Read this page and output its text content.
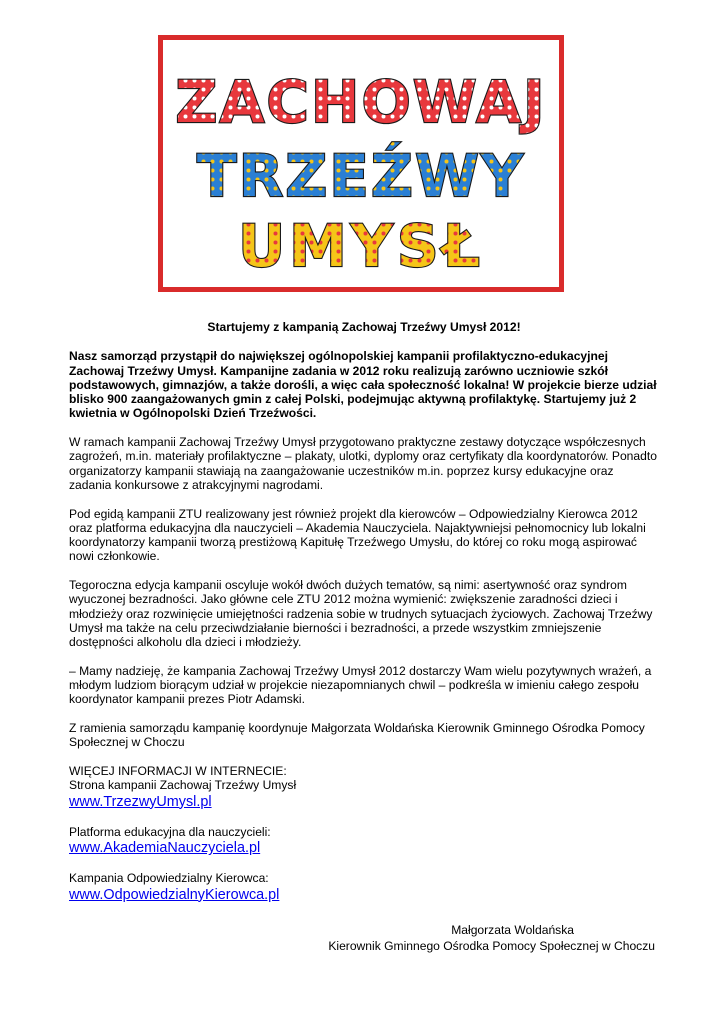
ZACHOWAJ
TRZEŹWY
UMYSŁ

Startujemy z kampanią Zachowaj Trzeźwy Umysł 2012!

Nasz samorząd przystąpił do największej ogólnopolskiej kampanii profilaktyczno-edukacyjnej Zachowaj Trzeźwy Umysł. Kampanijne zadania w 2012 roku realizują zarówno uczniowie szkół podstawowych, gimnazjów, a także dorośli, a więc cała społeczność lokalna! W projekcie bierze udział blisko 900 zaangażowanych gmin z całej Polski, podejmując aktywną profilaktykę. Startujemy już 2 kwietnia w Ogólnopolski Dzień Trzeźwości.

W ramach kampanii Zachowaj Trzeźwy Umysł przygotowano praktyczne zestawy dotyczące współczesnych zagrożeń, m.in. materiały profilaktyczne – plakaty, ulotki, dyplomy oraz certyfikaty dla koordynatorów. Ponadto organizatorzy kampanii stawiają na zaangażowanie uczestników m.in. poprzez kursy edukacyjne oraz zadania konkursowe z atrakcyjnymi nagrodami.

Pod egidą kampanii ZTU realizowany jest również projekt dla kierowców – Odpowiedzialny Kierowca 2012 oraz platforma edukacyjna dla nauczycieli – Akademia Nauczyciela. Najaktywniejsi pełnomocnicy lub lokalni koordynatorzy kampanii tworzą prestiżową Kapitułę Trzeźwego Umysłu, do której co roku mogą aspirować nowi członkowie.

Tegoroczna edycja kampanii oscyluje wokół dwóch dużych tematów, są nimi: asertywność oraz syndrom wyuczonej bezradności. Jako główne cele ZTU 2012 można wymienić: zwiększenie zaradności dzieci i młodzieży oraz rozwinięcie umiejętności radzenia sobie w trudnych sytuacjach życiowych. Zachowaj Trzeźwy Umysł ma także na celu przeciwdziałanie bierności i bezradności, a przede wszystkim zmniejszenie dostępności alkoholu dla dzieci i młodzieży.

– Mamy nadzieję, że kampania Zachowaj Trzeźwy Umysł 2012 dostarczy Wam wielu pozytywnych wrażeń, a młodym ludziom biorącym udział w projekcie niezapomnianych chwil – podkreśla w imieniu całego zespołu koordynator kampanii prezes Piotr Adamski.

Z ramienia samorządu kampanię koordynuje Małgorzata Woldańska Kierownik Gminnego Ośrodka Pomocy Społecznej w Choczu

WIĘCEJ INFORMACJI W INTERNECIE:

Strona kampanii Zachowaj Trzeźwy Umysł

www.TrzezwyUmysl.pl

Platforma edukacyjna dla nauczycieli:

www.AkademiaNauczyciela.pl

Kampania Odpowiedzialny Kierowca:

www.OdpowiedzialnyKierowca.pl

Małgorzata Woldańska
Kierownik Gminnego Ośrodka Pomocy Społecznej w Choczu
